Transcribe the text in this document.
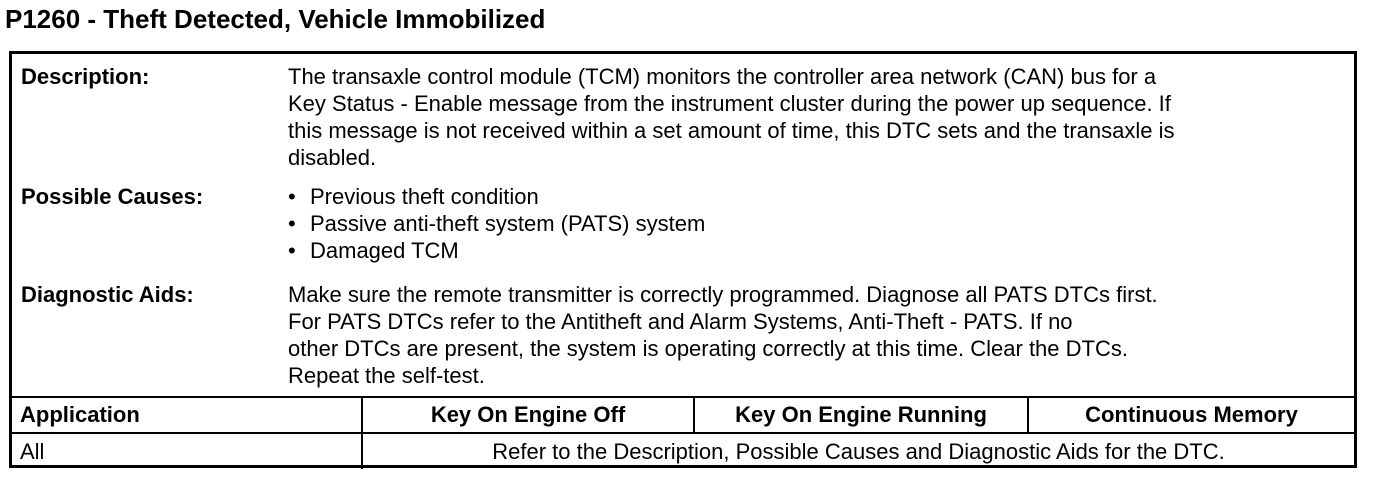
P1260 - Theft Detected, Vehicle Immobilized
Description:	The transaxle control module (TCM) monitors the controller area network (CAN) bus for a
Key Status - Enable message from the instrument cluster during the power up sequence. If
this message is not received within a set amount of time, this DTC sets and the transaxle is
disabled.
Possible Causes:	• Previous theft condition
• Passive anti-theft system (PATS) system
• Damaged TCM
Diagnostic Aids:	Make sure the remote transmitter is correctly programmed. Diagnose all PATS DTCs first.
For PATS DTCs refer to the Antitheft and Alarm Systems, Anti-Theft - PATS. If no
other DTCs are present, the system is operating correctly at this time. Clear the DTCs.
Repeat the self-test.
Application	Key On Engine Off	Key On Engine Running	Continuous Memory
All	Refer to the Description, Possible Causes and Diagnostic Aids for the DTC.		
